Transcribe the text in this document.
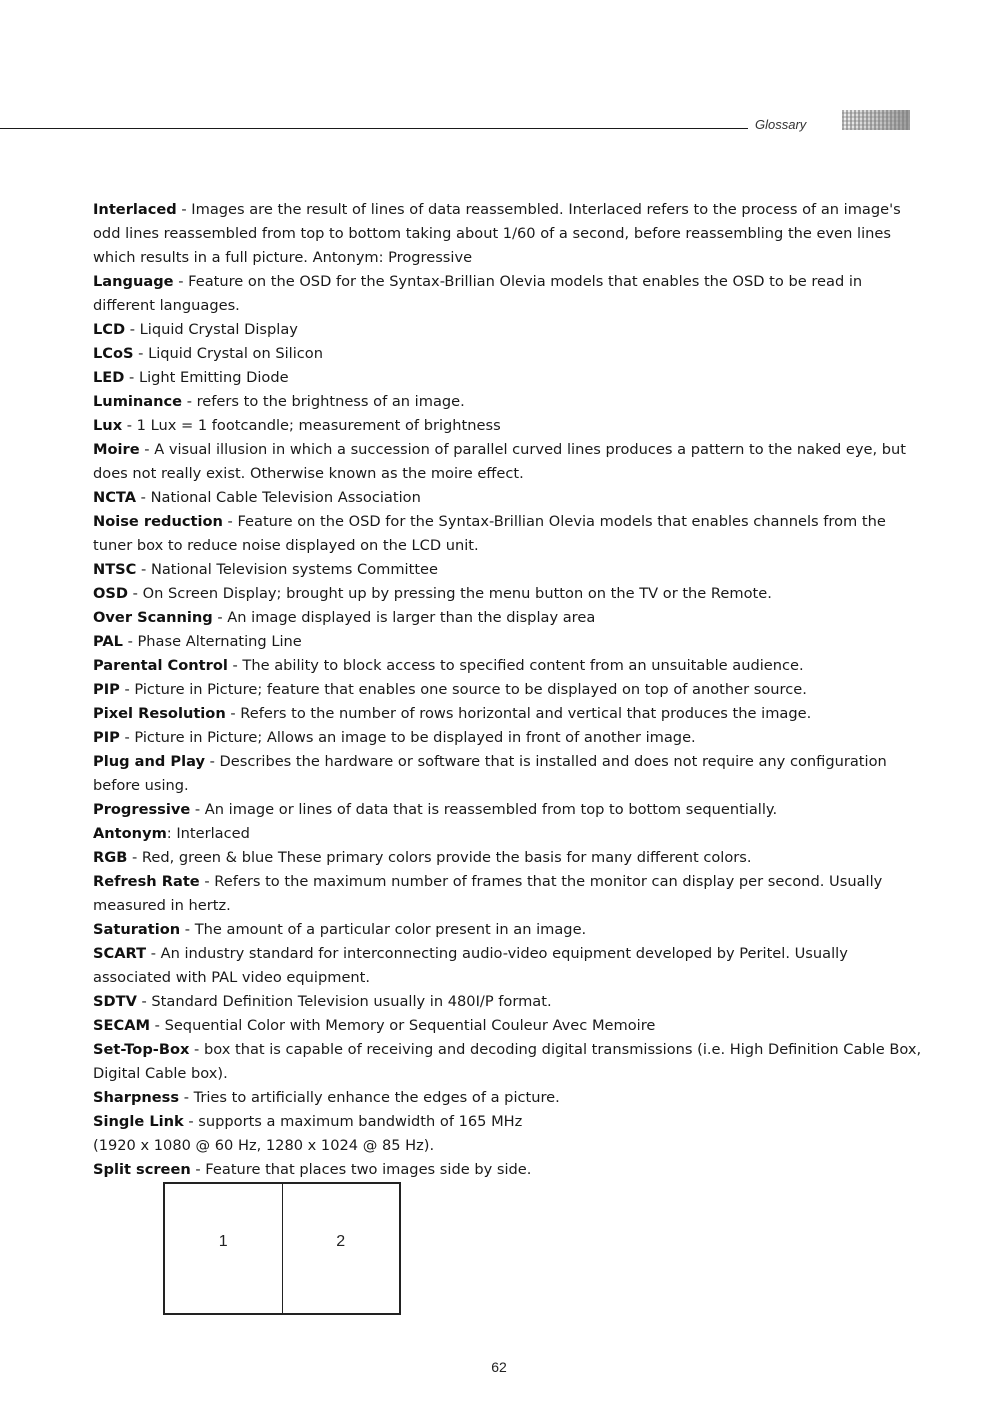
Glossary

Interlaced - Images are the result of lines of data reassembled. Interlaced refers to the process of an image's odd lines reassembled from top to bottom taking about 1/60 of a second, before reassembling the even lines which results in a full picture. Antonym: Progressive

Language - Feature on the OSD for the Syntax-Brillian Olevia models that enables the OSD to be read in different languages.

LCD - Liquid Crystal Display

LCoS - Liquid Crystal on Silicon

LED - Light Emitting Diode

Luminance - refers to the brightness of an image.

Lux - 1 Lux = 1 footcandle; measurement of brightness

Moire - A visual illusion in which a succession of parallel curved lines produces a pattern to the naked eye, but does not really exist. Otherwise known as the moire effect.

NCTA - National Cable Television Association

Noise reduction - Feature on the OSD for the Syntax-Brillian Olevia models that enables channels from the tuner box to reduce noise displayed on the LCD unit.

NTSC - National Television systems Committee

OSD - On Screen Display; brought up by pressing the menu button on the TV or the Remote.

Over Scanning - An image displayed is larger than the display area

PAL - Phase Alternating Line

Parental Control - The ability to block access to specified content from an unsuitable audience.

PIP - Picture in Picture; feature that enables one source to be displayed on top of another source.

Pixel Resolution - Refers to the number of rows horizontal and vertical that produces the image.

PIP - Picture in Picture; Allows an image to be displayed in front of another image.

Plug and Play - Describes the hardware or software that is installed and does not require any configuration before using.

Progressive - An image or lines of data that is reassembled from top to bottom sequentially.

Antonym: Interlaced

RGB - Red, green & blue These primary colors provide the basis for many different colors.

Refresh Rate - Refers to the maximum number of frames that the monitor can display per second. Usually measured in hertz.

Saturation - The amount of a particular color present in an image.

SCART - An industry standard for interconnecting audio-video equipment developed by Peritel. Usually associated with PAL video equipment.

SDTV - Standard Definition Television usually in 480I/P format.

SECAM - Sequential Color with Memory or Sequential Couleur Avec Memoire

Set-Top-Box - box that is capable of receiving and decoding digital transmissions (i.e. High Definition Cable Box, Digital Cable box).

Sharpness - Tries to artificially enhance the edges of a picture.

Single Link - supports a maximum bandwidth of 165 MHz
(1920 x 1080 @ 60 Hz, 1280 x 1024 @ 85 Hz).

Split screen - Feature that places two images side by side.

1	2
62
